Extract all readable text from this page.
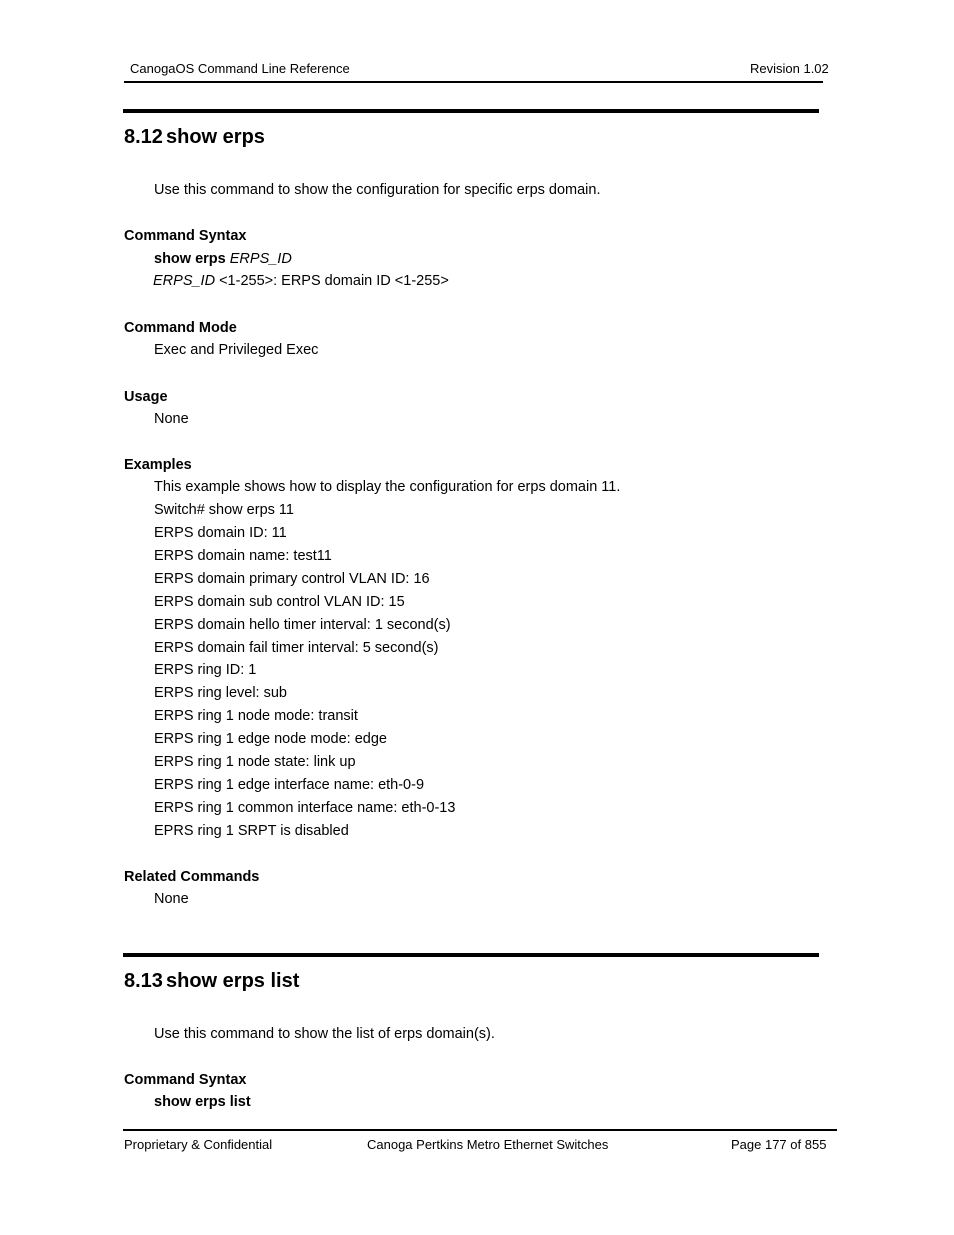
CanogaOS Command Line Reference	Revision 1.02
8.12 show erps
Use this command to show the configuration for specific erps domain.
Command Syntax
show erps ERPS_ID
ERPS_ID <1-255>: ERPS domain ID <1-255>
Command Mode
Exec and Privileged Exec
Usage
None
Examples
This example shows how to display the configuration for erps domain 11.
Switch# show erps 11
ERPS domain ID: 11
ERPS domain name: test11
ERPS domain primary control VLAN ID: 16
ERPS domain sub control VLAN ID: 15
ERPS domain hello timer interval: 1 second(s)
ERPS domain fail timer interval: 5 second(s)
ERPS ring ID: 1
ERPS ring level: sub
ERPS ring 1 node mode: transit
ERPS ring 1 edge node mode: edge
ERPS ring 1 node state: link up
ERPS ring 1 edge interface name: eth-0-9
ERPS ring 1 common interface name: eth-0-13
EPRS ring 1 SRPT is disabled
Related Commands
None
8.13 show erps list
Use this command to show the list of erps domain(s).
Command Syntax
show erps list
Proprietary & Confidential	Canoga Pertkins Metro Ethernet Switches	Page 177 of 855
